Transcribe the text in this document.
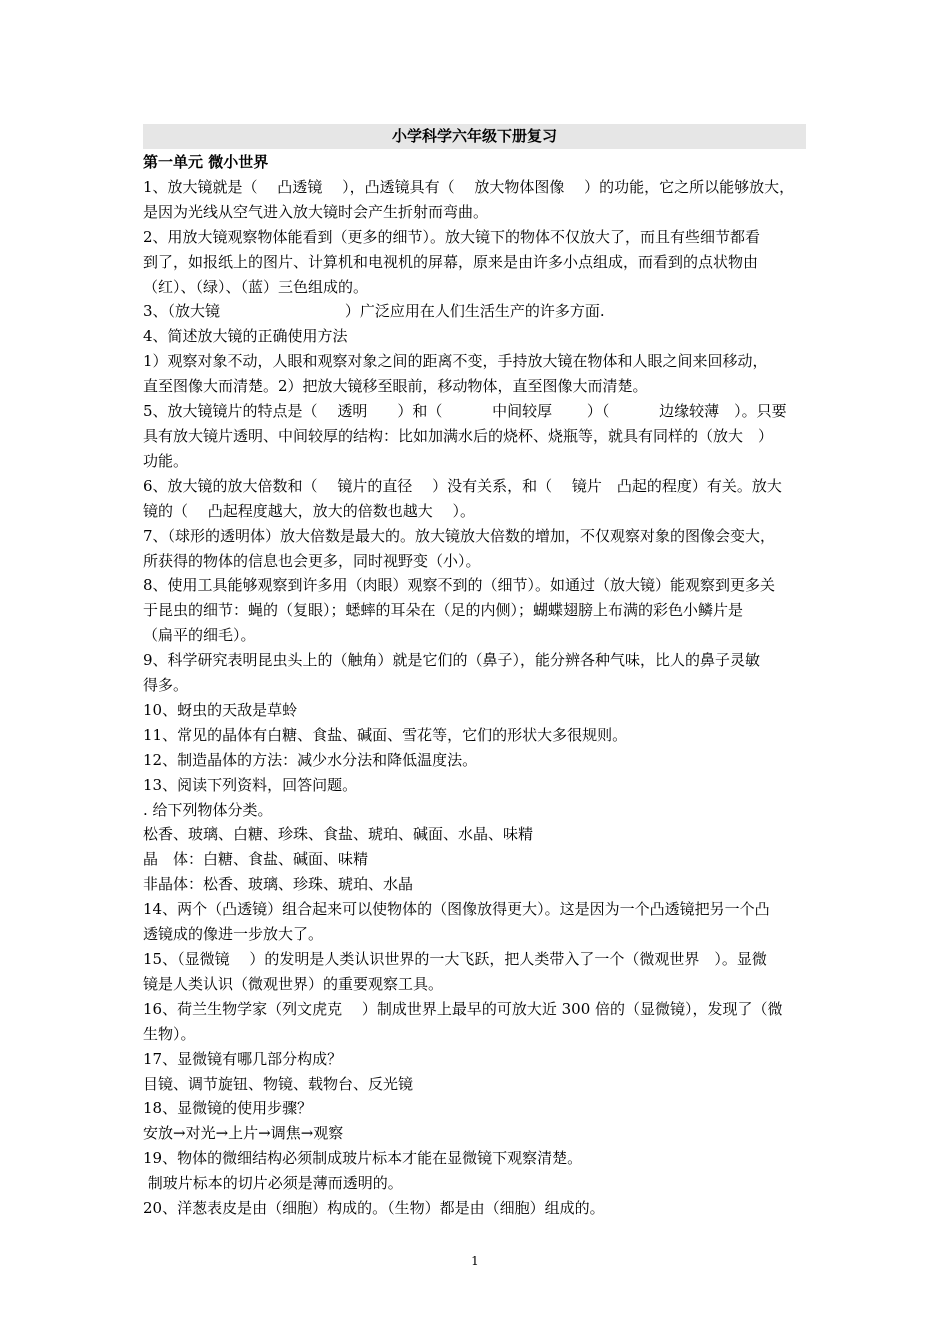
小学科学六年级下册复习

第一单元 微小世界

1、放大镜就是（　 凸透镜　 ），凸透镜具有（　 放大物体图像　 ）的功能，它之所以能够放大，

是因为光线从空气进入放大镜时会产生折射而弯曲。

2、用放大镜观察物体能看到（更多的细节）。放大镜下的物体不仅放大了，而且有些细节都看

到了，如报纸上的图片、计算机和电视机的屏幕，原来是由许多小点组成，而看到的点状物由

（红）、（绿）、（蓝）三色组成的。

3、（放大镜　　　　　　　　 ）广泛应用在人们生活生产的许多方面.

4、简述放大镜的正确使用方法

1）观察对象不动，人眼和观察对象之间的距离不变，手持放大镜在物体和人眼之间来回移动，

直至图像大而清楚。2）把放大镜移至眼前，移动物体，直至图像大而清楚。

5、放大镜镜片的特点是（　 透明　　）和（　　　 中间较厚　　 ）（　　　 边缘较薄　）。只要

具有放大镜片透明、中间较厚的结构：比如加满水后的烧杯、烧瓶等，就具有同样的（放大　）

功能。

6、放大镜的放大倍数和（　 镜片的直径　 ）没有关系，和（　 镜片　凸起的程度）有关。放大

镜的（　 凸起程度越大，放大的倍数也越大　 ）。

7、（球形的透明体）放大倍数是最大的。放大镜放大倍数的增加，不仅观察对象的图像会变大，

所获得的物体的信息也会更多，同时视野变（小）。

8、使用工具能够观察到许多用（肉眼）观察不到的（细节）。如通过（放大镜）能观察到更多关

于昆虫的细节：蝇的（复眼）；蟋蟀的耳朵在（足的内侧）；蝴蝶翅膀上布满的彩色小鳞片是

（扁平的细毛）。

9、科学研究表明昆虫头上的（触角）就是它们的（鼻子），能分辨各种气味，比人的鼻子灵敏

得多。

10、蚜虫的天敌是草蛉

11、常见的晶体有白糖、食盐、碱面、雪花等，它们的形状大多很规则。

12、制造晶体的方法：减少水分法和降低温度法。

13、阅读下列资料，回答问题。

. 给下列物体分类。

松香、玻璃、白糖、珍珠、食盐、琥珀、碱面、水晶、味精

晶　体：白糖、食盐、碱面、味精

非晶体：松香、玻璃、珍珠、琥珀、水晶

14、两个（凸透镜）组合起来可以使物体的（图像放得更大）。这是因为一个凸透镜把另一个凸

透镜成的像进一步放大了。

15、（显微镜　 ）的发明是人类认识世界的一大飞跃，把人类带入了一个（微观世界　）。显微

镜是人类认识（微观世界）的重要观察工具。

16、荷兰生物学家（列文虎克　 ）制成世界上最早的可放大近 300 倍的（显微镜），发现了（微

生物）。

17、显微镜有哪几部分构成？

目镜、调节旋钮、物镜、载物台、反光镜

18、显微镜的使用步骤？

安放→对光→上片→调焦→观察

19、物体的微细结构必须制成玻片标本才能在显微镜下观察清楚。

制玻片标本的切片必须是薄而透明的。

20、洋葱表皮是由（细胞）构成的。（生物）都是由（细胞）组成的。

1
